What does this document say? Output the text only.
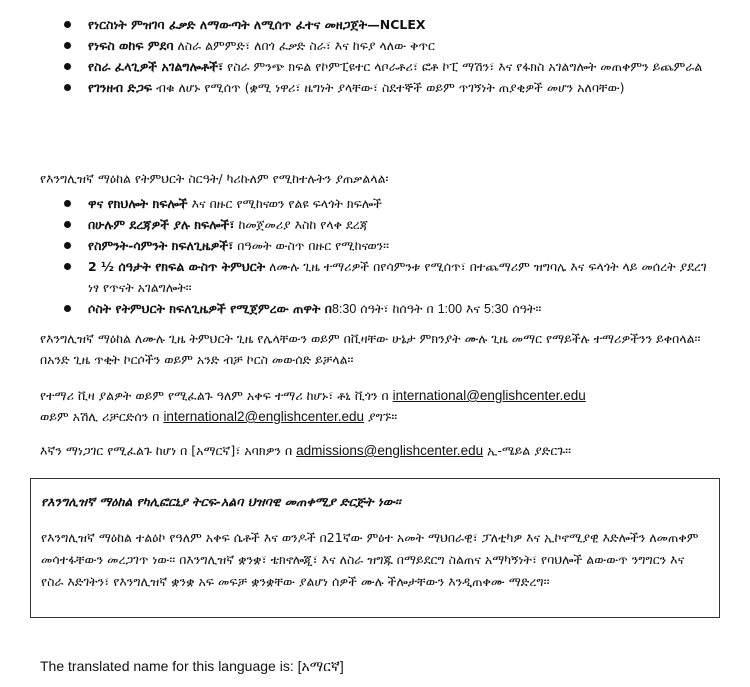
የነርስነት ምዝገባ ፈቃድ ለማውጣት ለሚሰጥ ፈተና መዘጋጀት—NCLEX
የነፍስ ወከፍ ምደባ ለስራ ልምምድ፣ ለበጎ ፈቃድ ስራ፣ እና ከፍያ ላለው ቅጥር
የስራ ፈላጊዎች አገልግሎቶች፣ የስራ ምንጭ ክፍል የኮምፒዩተር ላቦራቶሪ፣ ፎቶ ኮፒ ማሽን፣ እና የፋክስ አገልግሎት መጠቀምን ይጨምራል
የገንዘብ ድጋፍ ብቁ ለሆኑ የሚሰጥ (ቋሚ ነዋሪ፣ ዜግነት ያላቸው፣ ስደተኞች ወይም ጥገኝነት ጠያቂዎች መሆን አለባቸው)
የእንግሊዝኛ ማዕከል የትምህርት ስርዓት/ ካሪኩለም የሚከተሉትን ያጠቃልላል፡
ዋና የክህሎት ክፍሎች እና በዙር የሚከናወን የልዩ ፍላጎት ክፍሎች
በሁሉም ደረጃዎች ያሉ ክፍሎች፣ ከመጀመሪያ እስከ የላቀ ደረጃ
የስምንት-ሳምንት ክፍለጊዜዎች፣ በዓመት ውስጥ በዙር የሚከናወን፡፡
2 ½ ሰዓታት የክፍል ውስጥ ትምህርት ለሙሉ ጊዜ ተማሪዎች በየሳምንቱ የሚሰጥ፣ በተጨማሪም ዝግባሌ እና ፍላጎት ላይ መሰረት ያደረገ ነፃ የጥናት አገልግሎት፡፡
ሶስት የትምህርት ክፍለጊዜዎች የሚጀምረው ጠዋት በ8:30 ሰዓት፣ ከሰዓት በ 1:00 እና 5:30 ሰዓት፡፡
የእንግሊዝኛ ማዕከል ለሙሉ ጊዜ ትምህርት ጊዜ የሌላቸውን ወይም በቪዛቸው ሁኔታ ምክንያት ሙሉ ጊዜ መማር የማይችሉ ተማሪዎችንን ይቀበላል፡፡ በአንድ ጊዜ ጥቂት ኮርሶችን ወይም አንድ ብቻ ኮርስ መውሰድ ይቻላል፡፡
የተማሪ ቪዛ ያልዎት ወይም የሚፈልጉ ዓለም አቀፍ ተማሪ ከሆኑ፣ ቶኒ ቪጎን በ international@englishcenter.edu
ወይም አሽሊ ሪቻርድሰን በ international2@englishcenter.edu ያግኙ፡፡
እኛን ማነጋገር የሚፈልጉ ከሆነ በ [አማርኛ]፣ አባክዎን በ admissions@englishcenter.edu ኢ-ሜይል ያድርጉ፡፡
የእንግሊዝኛ ማዕከል የካሊፎርኒያ ትርፍ-አልባ ህዝባዊ መጠቀሚያ ድርጅት ነው፡፡
የእንግሊዝኛ ማዕከል ተልዕኮ የዓለም አቀፍ ሴቶች እና ወንዶች በ21ኛው ምዕተ አመት ማህበራዊ፣ ፓለቲካዎ እና ኢኮኖሚያዊ እድሎችን ለመጠቀም መሳተፋቸውን መረጋገጥ ነው፡፡ በእንግሊዝኛ ቋንቋ፣ ቴክኖሎጂ፣ እና ለስራ ዝግጁ በማይደርግ ስልጠና አማካኝነት፣ የባህሎች ልውውጥ ንግግርን እና የስራ እድገትን፣ የእንግሊዝኛ ቋንቋ አፍ መፍቻ ቋንቋቸው ያልሆነ ሰዎች ሙሉ ችሎታቸውን እንዲጠቀሙ ማድረግ፡፡
The translated name for this language is: [አማርኛ]
